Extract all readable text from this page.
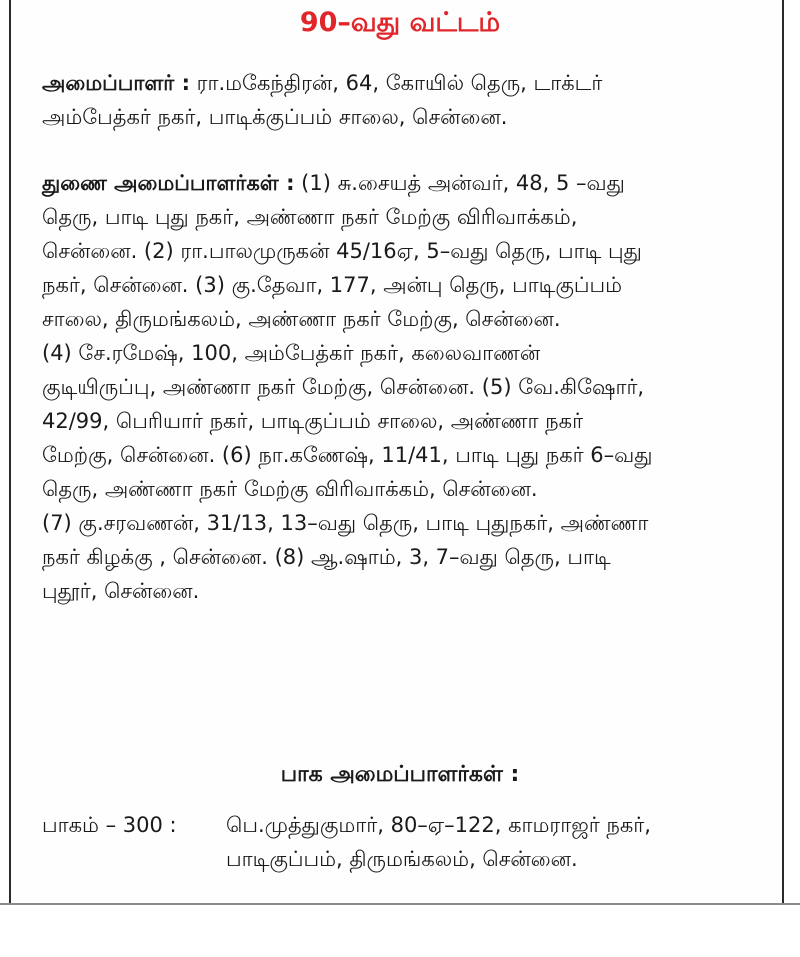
90–வது வட்டம்
அமைப்பாளர் : ரா.மகேந்திரன், 64, கோயில் தெரு, டாக்டர்
அம்பேத்கர் நகர், பாடிக்குப்பம் சாலை, சென்னை.
துணை அமைப்பாளர்கள் : (1) சு.சையத் அன்வர், 48, 5 –வது
தெரு, பாடி புது நகர், அண்ணா நகர் மேற்கு விரிவாக்கம்,
சென்னை. (2) ரா.பாலமுருகன் 45/16ஏ, 5–வது தெரு, பாடி புது
நகர், சென்னை. (3) கு.தேவா, 177, அன்பு தெரு, பாடிகுப்பம்
சாலை, திருமங்கலம், அண்ணா நகர் மேற்கு, சென்னை.
(4) சே.ரமேஷ், 100, அம்பேத்கர் நகர், கலைவாணன்
குடியிருப்பு, அண்ணா நகர் மேற்கு, சென்னை. (5) வே.கிஷோர்,
42/99, பெரியார் நகர், பாடிகுப்பம் சாலை, அண்ணா நகர்
மேற்கு, சென்னை. (6) நா.கணேஷ், 11/41, பாடி புது நகர் 6–வது
தெரு, அண்ணா நகர் மேற்கு விரிவாக்கம், சென்னை.
(7) கு.சரவணன், 31/13, 13–வது தெரு, பாடி புதுநகர், அண்ணா
நகர் கிழக்கு , சென்னை. (8) ஆ.ஷாம், 3, 7–வது தெரு, பாடி
புதூர், சென்னை.
பாக அமைப்பாளர்கள் :
பாகம் – 300 : பெ.முத்துகுமார், 80–ஏ–122, காமராஜர் நகர்,
பாடிகுப்பம், திருமங்கலம், சென்னை.
